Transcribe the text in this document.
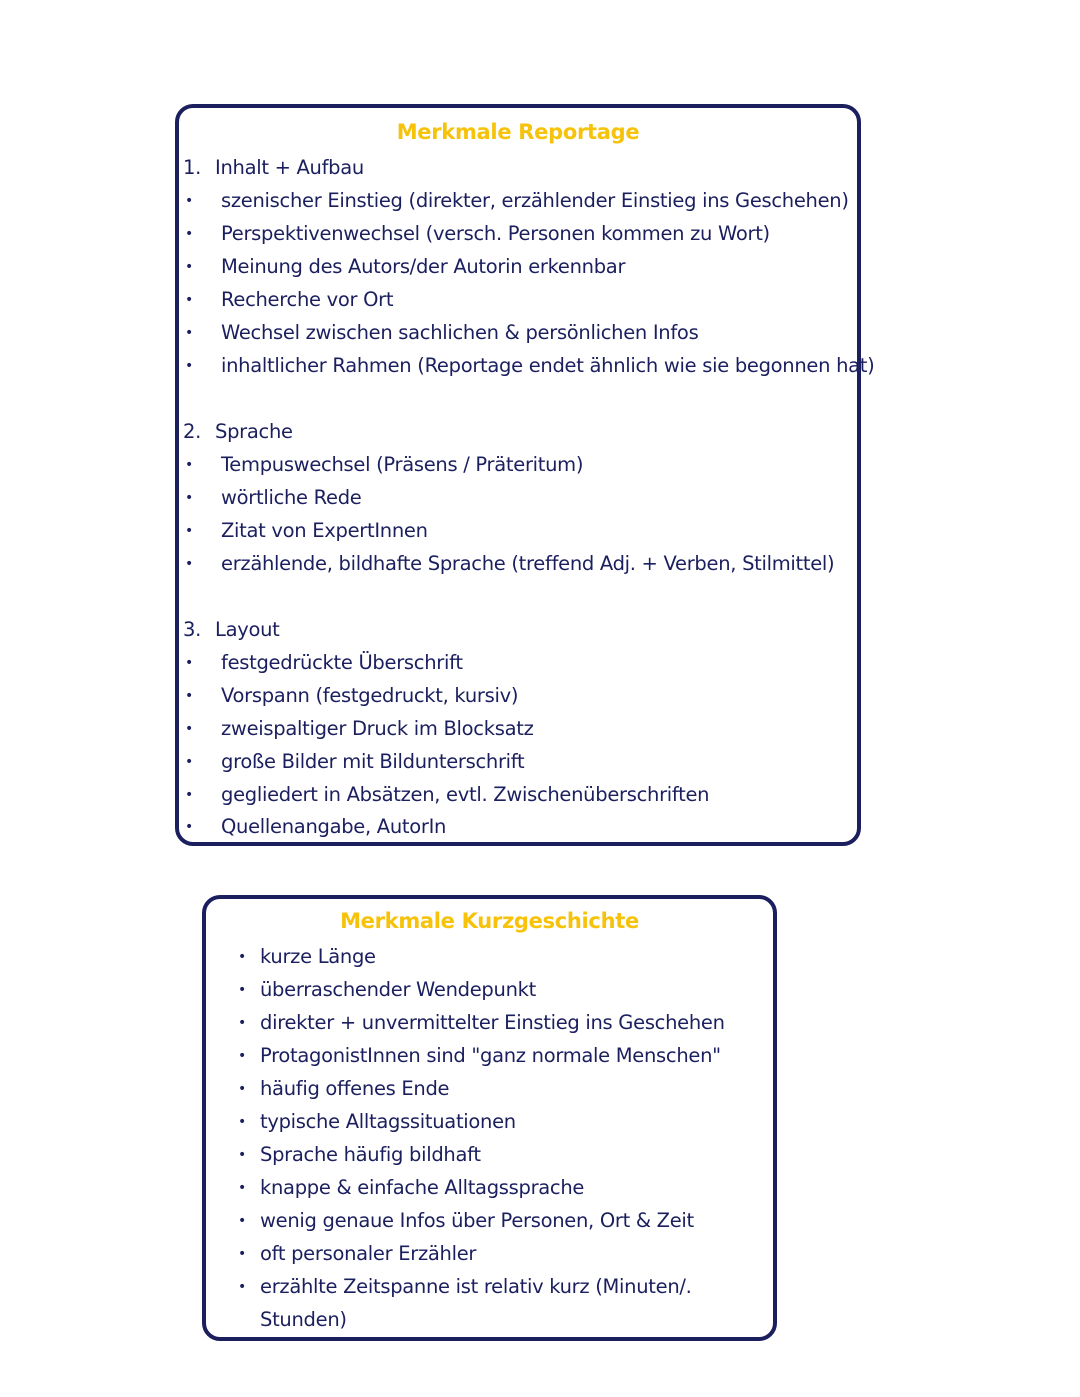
Merkmale Reportage
1. Inhalt + Aufbau
• szenischer Einstieg (direkter, erzählender Einstieg ins Geschehen)
• Perspektivenwechsel (versch. Personen kommen zu Wort)
• Meinung des Autors/der Autorin erkennbar
• Recherche vor Ort
• Wechsel zwischen sachlichen & persönlichen Infos
• inhaltlicher Rahmen (Reportage endet ähnlich wie sie begonnen hat)
2. Sprache
• Tempuswechsel (Präsens / Präteritum)
• wörtliche Rede
• Zitat von ExpertInnen
• erzählende, bildhafte Sprache (treffend Adj. + Verben, Stilmittel)
3. Layout
• festgedrückte Überschrift
• Vorspann (festgedruckt, kursiv)
• zweispaltiger Druck im Blocksatz
• große Bilder mit Bildunterschrift
• gegliedert in Absätzen, evtl. Zwischenüberschriften
• Quellenangabe, AutorIn
Merkmale Kurzgeschichte
• kurze Länge
• überraschender Wendepunkt
• direkter + unvermittelter Einstieg ins Geschehen
• ProtagonistInnen sind "ganz normale Menschen"
• häufig offenes Ende
• typische Alltagssituationen
• Sprache häufig bildhaft
• knappe & einfache Alltagssprache
• wenig genaue Infos über Personen, Ort & Zeit
• oft personaler Erzähler
• erzählte Zeitspanne ist relativ kurz (Minuten/.
Stunden)
